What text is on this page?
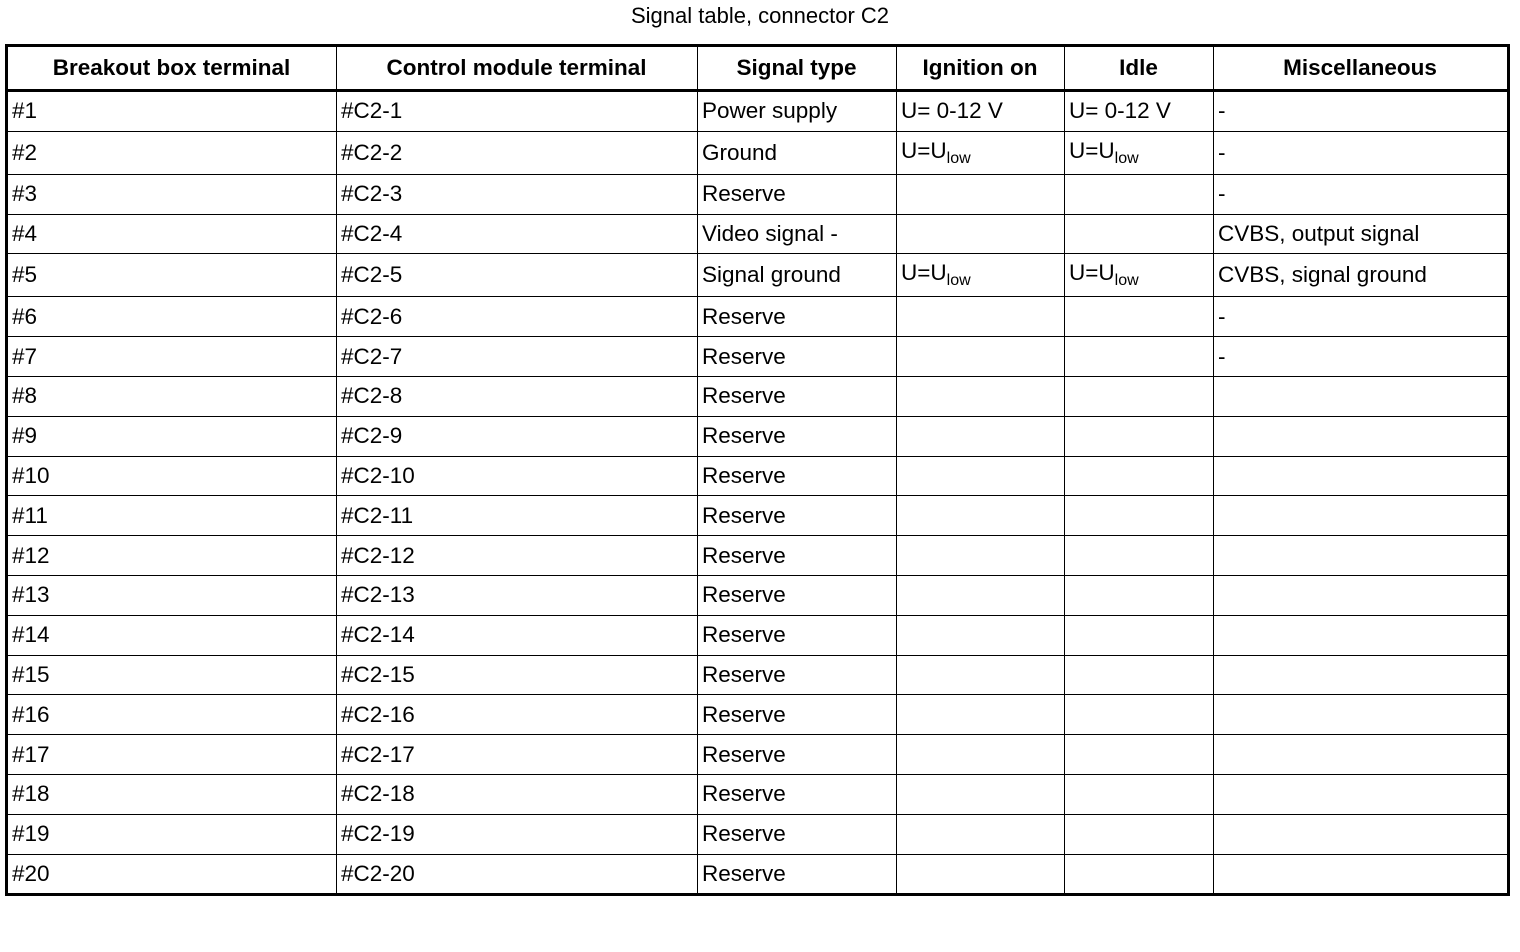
Signal table, connector C2
Breakout box terminal	Control module terminal	Signal type	Ignition on	Idle	Miscellaneous
#1	#C2-1	Power supply	U= 0-12 V	U= 0-12 V	-
#2	#C2-2	Ground	$U=U_{low}$	$U=U_{low}$	-
#3	#C2-3	Reserve			-
#4	#C2-4	Video signal -			CVBS, output signal
#5	#C2-5	Signal ground	$U=U_{low}$	$U=U_{low}$	CVBS, signal ground
#6	#C2-6	Reserve			-
#7	#C2-7	Reserve			-
#8	#C2-8	Reserve			
#9	#C2-9	Reserve			
#10	#C2-10	Reserve			
#11	#C2-11	Reserve			
#12	#C2-12	Reserve			
#13	#C2-13	Reserve			
#14	#C2-14	Reserve			
#15	#C2-15	Reserve			
#16	#C2-16	Reserve			
#17	#C2-17	Reserve			
#18	#C2-18	Reserve			
#19	#C2-19	Reserve			
#20	#C2-20	Reserve			
